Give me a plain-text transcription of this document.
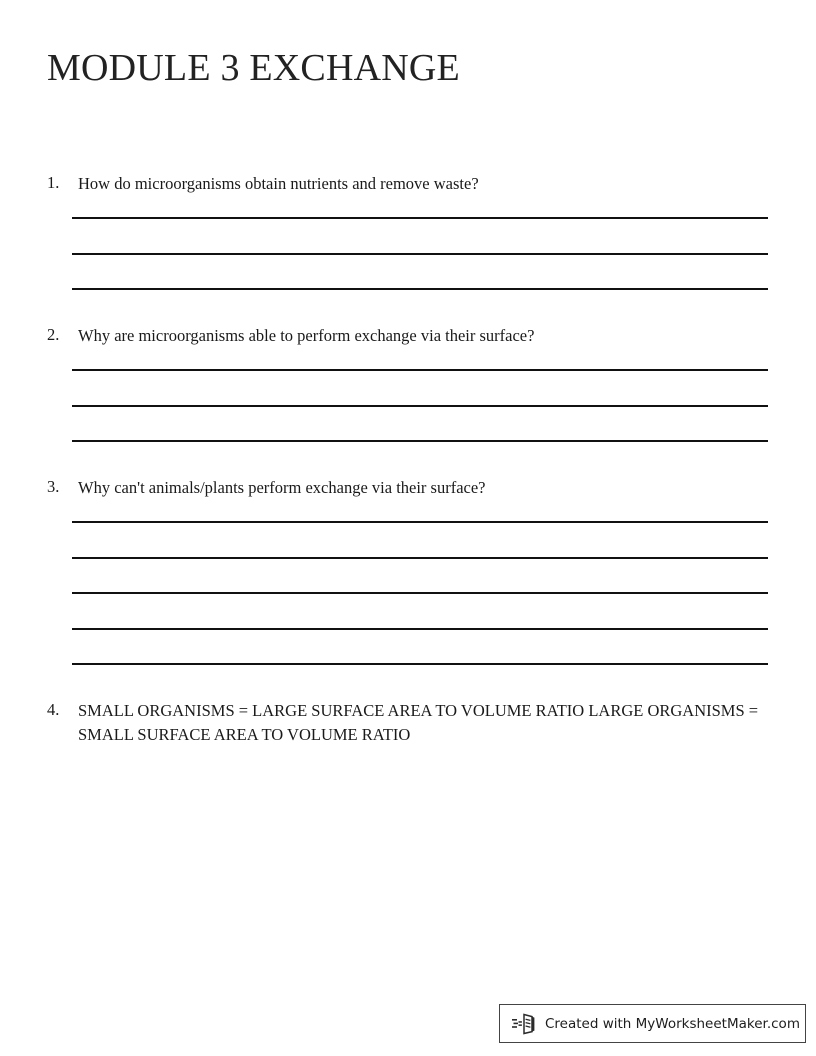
MODULE 3 EXCHANGE
1.	How do microorganisms obtain nutrients and remove waste?
2.	Why are microorganisms able to perform exchange via their surface?
3.	Why can't animals/plants perform exchange via their surface?
4.	SMALL ORGANISMS = LARGE SURFACE AREA TO VOLUME RATIO LARGE ORGANISMS = SMALL SURFACE AREA TO VOLUME RATIO
Created with MyWorksheetMaker.com
